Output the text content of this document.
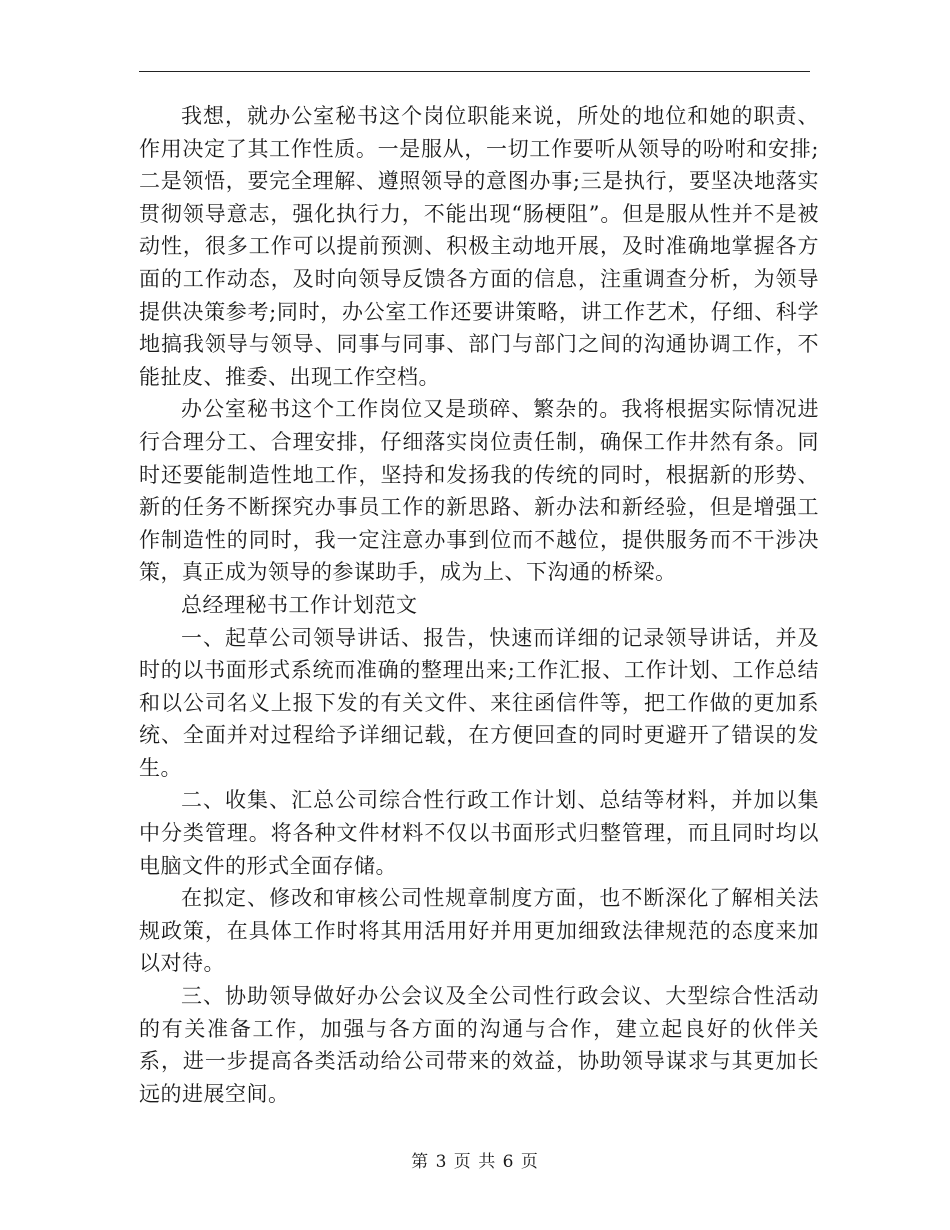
我想，就办公室秘书这个岗位职能来说，所处的地位和她的职责、作用决定了其工作性质。一是服从，一切工作要听从领导的吩咐和安排;二是领悟，要完全理解、遵照领导的意图办事;三是执行，要坚决地落实贯彻领导意志，强化执行力，不能出现“肠梗阻”。但是服从性并不是被动性，很多工作可以提前预测、积极主动地开展，及时准确地掌握各方面的工作动态，及时向领导反馈各方面的信息，注重调查分析，为领导提供决策参考;同时，办公室工作还要讲策略，讲工作艺术，仔细、科学地搞我领导与领导、同事与同事、部门与部门之间的沟通协调工作，不能扯皮、推委、出现工作空档。

办公室秘书这个工作岗位又是琐碎、繁杂的。我将根据实际情况进行合理分工、合理安排，仔细落实岗位责任制，确保工作井然有条。同时还要能制造性地工作，坚持和发扬我的传统的同时，根据新的形势、新的任务不断探究办事员工作的新思路、新办法和新经验，但是增强工作制造性的同时，我一定注意办事到位而不越位，提供服务而不干涉决策，真正成为领导的参谋助手，成为上、下沟通的桥梁。

总经理秘书工作计划范文

一、起草公司领导讲话、报告，快速而详细的记录领导讲话，并及时的以书面形式系统而准确的整理出来;工作汇报、工作计划、工作总结和以公司名义上报下发的有关文件、来往函信件等，把工作做的更加系统、全面并对过程给予详细记载，在方便回查的同时更避开了错误的发生。

二、收集、汇总公司综合性行政工作计划、总结等材料，并加以集中分类管理。将各种文件材料不仅以书面形式归整管理，而且同时均以电脑文件的形式全面存储。

在拟定、修改和审核公司性规章制度方面，也不断深化了解相关法规政策，在具体工作时将其用活用好并用更加细致法律规范的态度来加以对待。

三、协助领导做好办公会议及全公司性行政会议、大型综合性活动的有关准备工作，加强与各方面的沟通与合作，建立起良好的伙伴关系，进一步提高各类活动给公司带来的效益，协助领导谋求与其更加长远的进展空间。

第 3 页 共 6 页
